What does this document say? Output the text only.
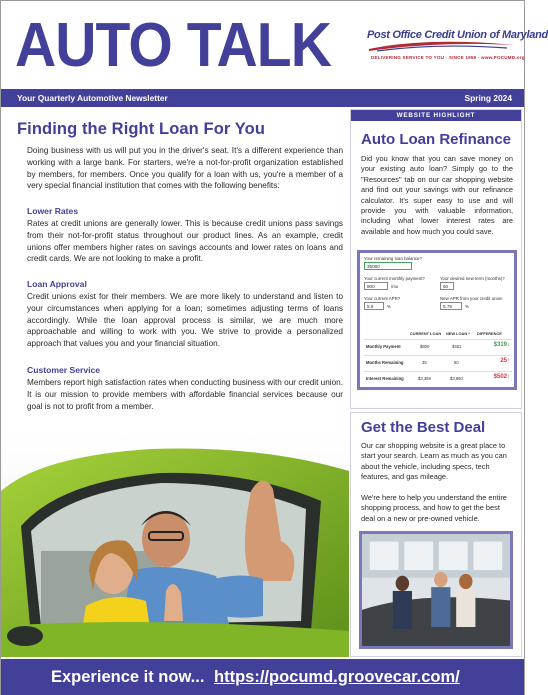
AUTO TALK	Post Office Credit Union of Maryland
DELIVERING SERVICE TO YOU · SINCE 1959 · www.POCUMD.org
Your Quarterly Automotive Newsletter	Spring 2024
Finding the Right Loan For You
Doing business with us will put you in the driver's seat. It's a different experience than working with a large bank. For starters, we're a not-for-profit organization established by members, for members. Once you qualify for a loan with us, you're a member of a very special financial institution that comes with the following benefits:
Lower Rates
Rates at credit unions are generally lower. This is because credit unions pass savings from their not-for-profit status throughout our product lines. As an example, credit unions offer members higher rates on savings accounts and lower rates on loans and credit cards. We are not looking to make a profit.
Loan Approval
Credit unions exist for their members. We are more likely to understand and listen to your circumstances when applying for a loan; sometimes adjusting terms of loans accordingly. While the loan approval process is similar, we are much more approachable and willing to work with you. We strive to provide a personalized approach that values you and your financial situation.
Customer Service
Members report high satisfaction rates when conducting business with our credit union. It is our mission to provide members with affordable financial services because our goal is not to profit from a member.
WEBSITE HIGHLIGHT
Auto Loan Refinance
Did you know that you can save money on your existing auto loan? Simply go to the "Resources" tab on our car shopping website and find out your savings with our refinance calculator. It's super easy to use and will provide you with valuable information, including what lower interest rates are available and how much you could save.
Your remaining loan balance?
35000
Your current monthly payment?
800	/mo
Your desired new term (months)?
60
Your current APR?
8.5	%
New APR from your credit union
5.79	%
CURRENT LOAN NEW LOAN * DIFFERENCE
Monthly Payment	$800	$481	$319↓
Months Remaining	35	60	25↑
Interest Remaining	$3,358	$3,860	$502↑
Get the Best Deal
Our car shopping website is a great place to start your search. Learn as much as you can about the vehicle, including specs, tech features, and gas mileage.
We're here to help you understand the entire shopping process, and how to get the best deal on a new or pre-owned vehicle.
Experience it now... https://pocumd.groovecar.com/
